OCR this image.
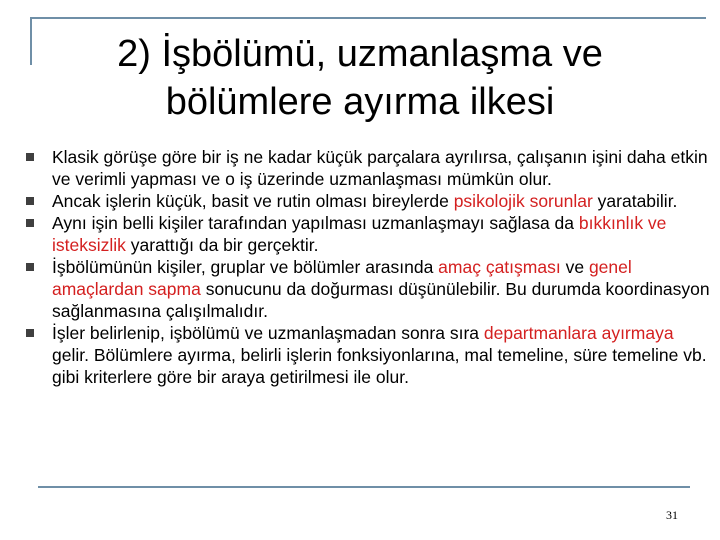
2) İşbölümü, uzmanlaşma ve
bölümlere ayırma ilkesi
Klasik görüşe göre bir iş ne kadar küçük parçalara ayrılırsa, çalışanın işini daha etkin ve verimli yapması ve o iş üzerinde uzmanlaşması mümkün olur.
Ancak işlerin küçük, basit ve rutin olması bireylerde psikolojik sorunlar yaratabilir.
Aynı işin belli kişiler tarafından yapılması uzmanlaşmayı sağlasa da bıkkınlık ve isteksizlik yarattığı da bir gerçektir.
İşbölümünün kişiler, gruplar ve bölümler arasında amaç çatışması ve genel amaçlardan sapma sonucunu da doğurması düşünülebilir. Bu durumda koordinasyon sağlanmasına çalışılmalıdır.
İşler belirlenip, işbölümü ve uzmanlaşmadan sonra sıra departmanlara ayırmaya gelir. Bölümlere ayırma, belirli işlerin fonksiyonlarına, mal temeline, süre temeline vb. gibi kriterlere göre bir araya getirilmesi ile olur.
31
